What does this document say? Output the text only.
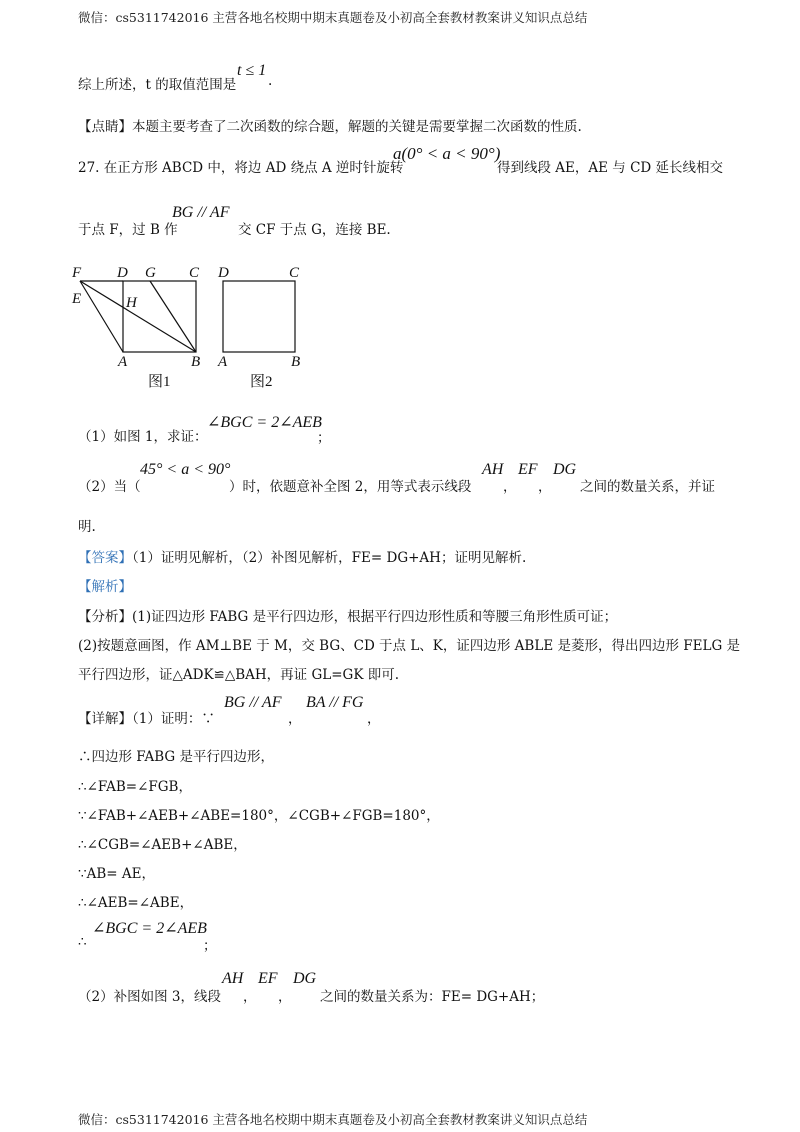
微信：cs5311742016 主营各地名校期中期末真题卷及小初高全套教材教案讲义知识点总结
综上所述，t 的取值范围是
t ≤ 1
.
【点睛】本题主要考查了二次函数的综合题，解题的关键是需要掌握二次函数的性质.
27. 在正方形 ABCD 中，将边 AD 绕点 A 逆时针旋转
a(0° < a < 90°)
得到线段 AE，AE 与 CD 延长线相交
于点 F，过 B 作
BG // AF
交 CF 于点 G，连接 BE.
F D G C
E	H
A	B
图1
D	C
A	B
图2
（1）如图 1，求证：
∠BGC = 2∠AEB
；
（2）当（
45° < a < 90°
）时，依题意补全图 2，用等式表示线段
AH
，
EF
，
DG
之间的数量关系，并证
明.
【答案】（1）证明见解析，（2）补图见解析，FE= DG+AH；证明见解析.
【解析】
【分析】(1)证四边形 FABG 是平行四边形，根据平行四边形性质和等腰三角形性质可证；
(2)按题意画图，作 AM⊥BE 于 M，交 BG、CD 于点 L、K，证四边形 ABLE 是菱形，得出四边形 FELG 是
平行四边形，证△ADK≌△BAH，再证 GL=GK 即可.
【详解】（1）证明：∵
BG // AF
，
BA // FG
，
∴四边形 FABG 是平行四边形，
∴∠FAB=∠FGB，
∵∠FAB+∠AEB+∠ABE=180°，∠CGB+∠FGB=180°，
∴∠CGB=∠AEB+∠ABE，
∵AB= AE，
∴∠AEB=∠ABE，
∴
∠BGC = 2∠AEB
；
（2）补图如图 3，线段
AH
，
EF
，
DG
之间的数量关系为：FE= DG+AH；
微信：cs5311742016 主营各地名校期中期末真题卷及小初高全套教材教案讲义知识点总结
